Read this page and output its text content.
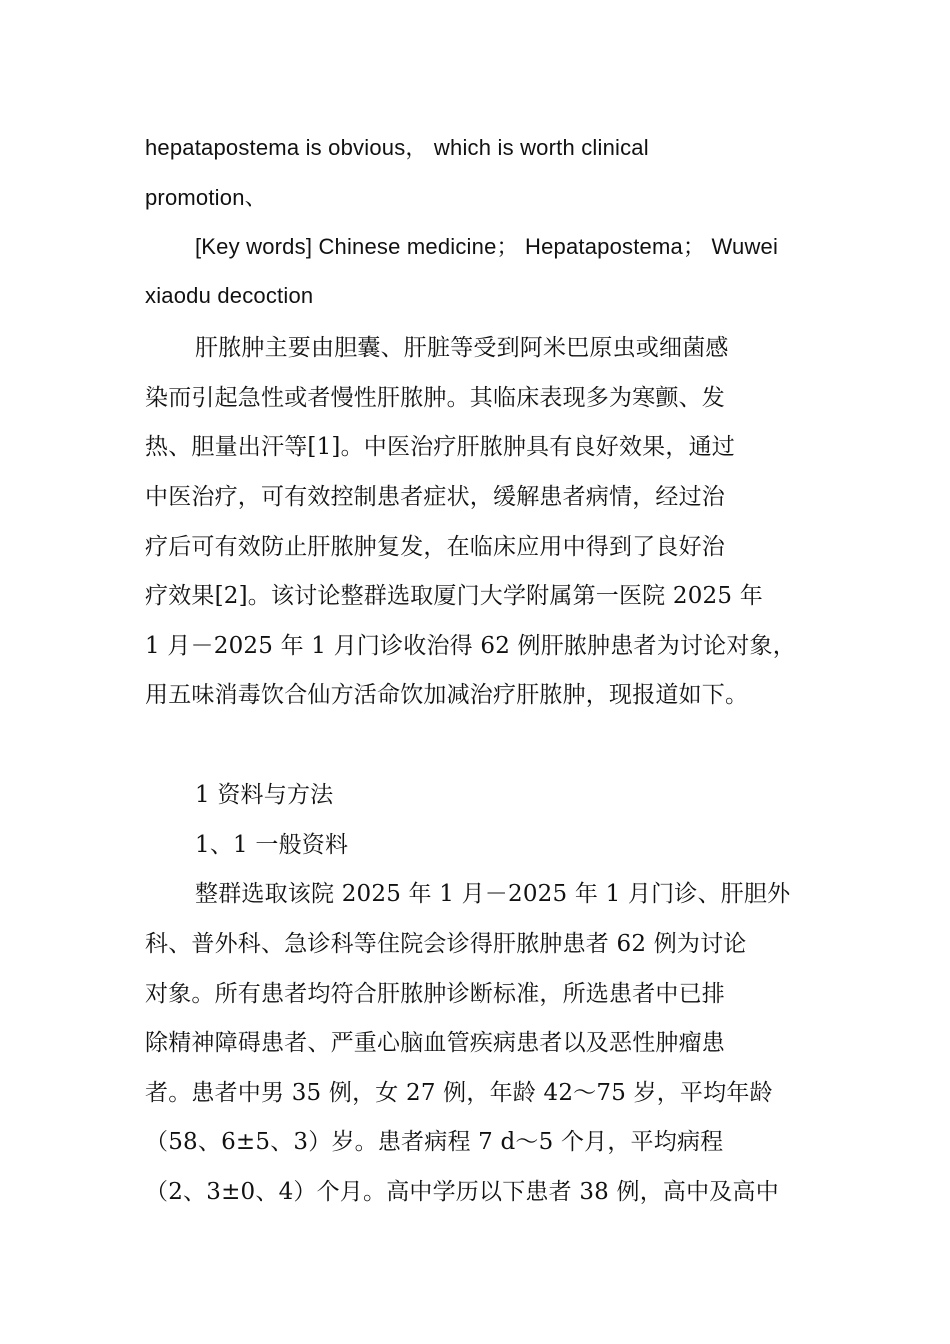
hepatapostema is obvious， which is worth clinical
promotion、
[Key words] Chinese medicine； Hepatapostema； Wuwei
xiaodu decoction
肝脓肿主要由胆囊、肝脏等受到阿米巴原虫或细菌感
染而引起急性或者慢性肝脓肿。其临床表现多为寒颤、发
热、胆量出汗等[1]。中医治疗肝脓肿具有良好效果，通过
中医治疗，可有效控制患者症状，缓解患者病情，经过治
疗后可有效防止肝脓肿复发，在临床应用中得到了良好治
疗效果[2]。该讨论整群选取厦门大学附属第一医院 2025 年
1 月－2025 年 1 月门诊收治得 62 例肝脓肿患者为讨论对象，
用五味消毒饮合仙方活命饮加减治疗肝脓肿，现报道如下。
1 资料与方法
1、1 一般资料
整群选取该院 2025 年 1 月－2025 年 1 月门诊、肝胆外
科、普外科、急诊科等住院会诊得肝脓肿患者 62 例为讨论
对象。所有患者均符合肝脓肿诊断标准，所选患者中已排
除精神障碍患者、严重心脑血管疾病患者以及恶性肿瘤患
者。患者中男 35 例，女 27 例，年龄 42～75 岁，平均年龄
（58、6±5、3）岁。患者病程 7 d～5 个月，平均病程
（2、3±0、4）个月。高中学历以下患者 38 例，高中及高中
